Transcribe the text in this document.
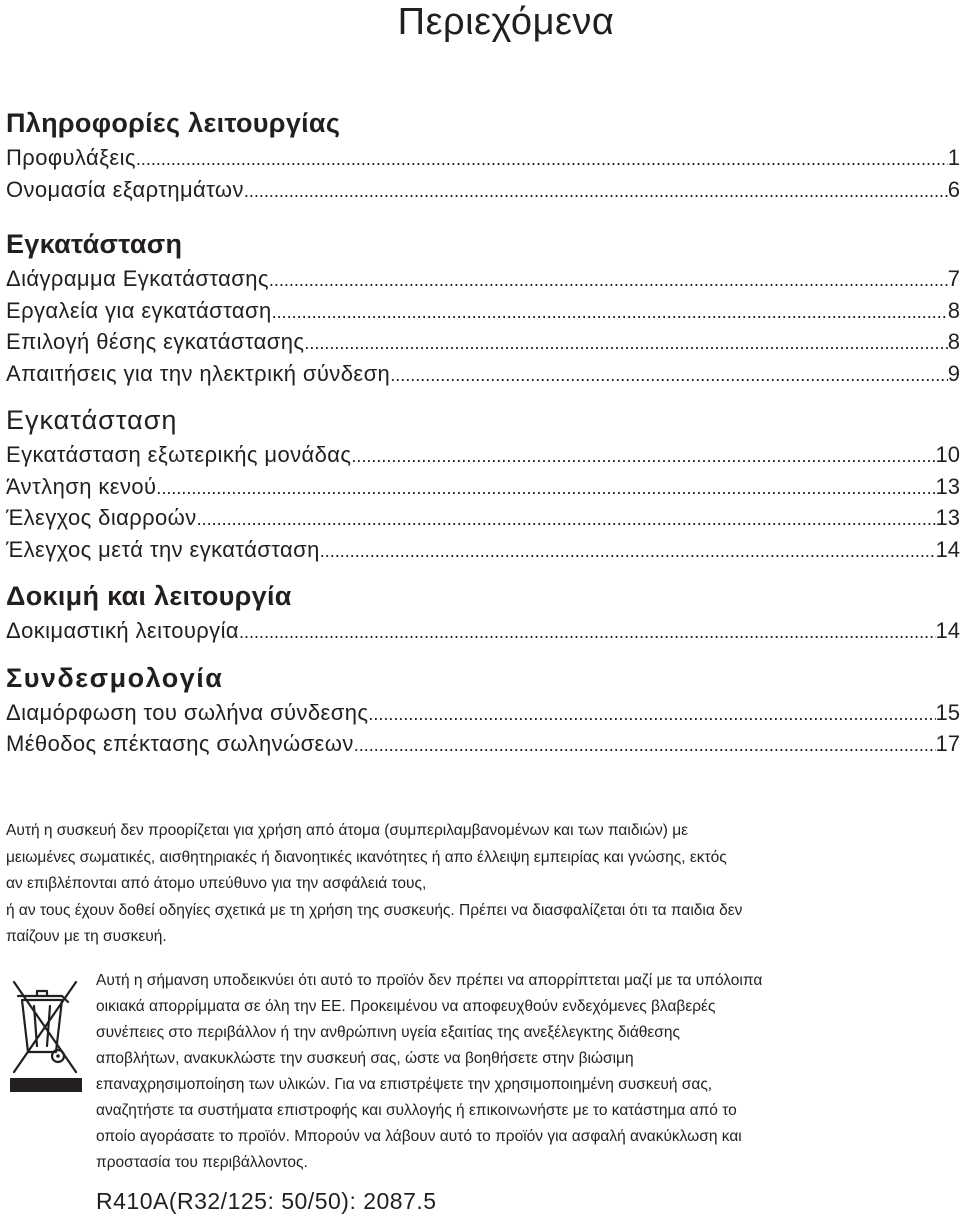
Περιεχόμενα
Πληροφορίες λειτουργίας
Προφυλάξεις .....	1
Ονομασία εξαρτημάτων .....	6
Εγκατάσταση
Διάγραμμα Εγκατάστασης .....	7
Εργαλεία για εγκατάσταση .....	8
Επιλογή θέσης εγκατάστασης .....	8
Απαιτήσεις για την ηλεκτρική σύνδεση .....	9
Εγκατάσταση
Εγκατάσταση εξωτερικής μονάδας .....	10
Άντληση κενού .....	13
Έλεγχος διαρροών .....	13
Έλεγχος μετά την εγκατάσταση .....	14
Δοκιμή και λειτουργία
Δοκιμαστική λειτουργία .....	14
Συνδεσμολογία
Διαμόρφωση του σωλήνα σύνδεσης .....	15
Μέθοδος επέκτασης σωληνώσεων .....	17

Αυτή η συσκευή δεν προορίζεται για χρήση από άτομα (συμπεριλαμβανομένων και των παιδιών) με

μειωμένες σωματικές, αισθητηριακές ή διανοητικές ικανότητες ή απο έλλειψη εμπειρίας και γνώσης, εκτός

αν επιβλέπονται από άτομο υπεύθυνο για την ασφάλειά τους,

ή αν τους έχουν δοθεί οδηγίες σχετικά με τη χρήση της συσκευής. Πρέπει να διασφαλίζεται ότι τα παιδια δεν

παίζουν με τη συσκευή.

Αυτή η σήμανση υποδεικνύει ότι αυτό το προϊόν δεν πρέπει να απορρίπτεται μαζί με τα υπόλοιπα

οικιακά απορρίμματα σε όλη την ΕΕ. Προκειμένου να αποφευχθούν ενδεχόμενες βλαβερές

συνέπειες στο περιβάλλον ή την ανθρώπινη υγεία εξαιτίας της ανεξέλεγκτης διάθεσης

αποβλήτων, ανακυκλώστε την συσκευή σας, ώστε να βοηθήσετε στην βιώσιμη

επαναχρησιμοποίηση των υλικών. Για να επιστρέψετε την χρησιμοποιημένη συσκευή σας,

αναζητήστε τα συστήματα επιστροφής και συλλογής ή επικοινωνήστε με το κατάστημα από το

οποίο αγοράσατε το προϊόν. Μπορούν να λάβουν αυτό το προϊόν για ασφαλή ανακύκλωση και

προστασία του περιβάλλοντος.

R410A(R32/125: 50/50): 2087.5
